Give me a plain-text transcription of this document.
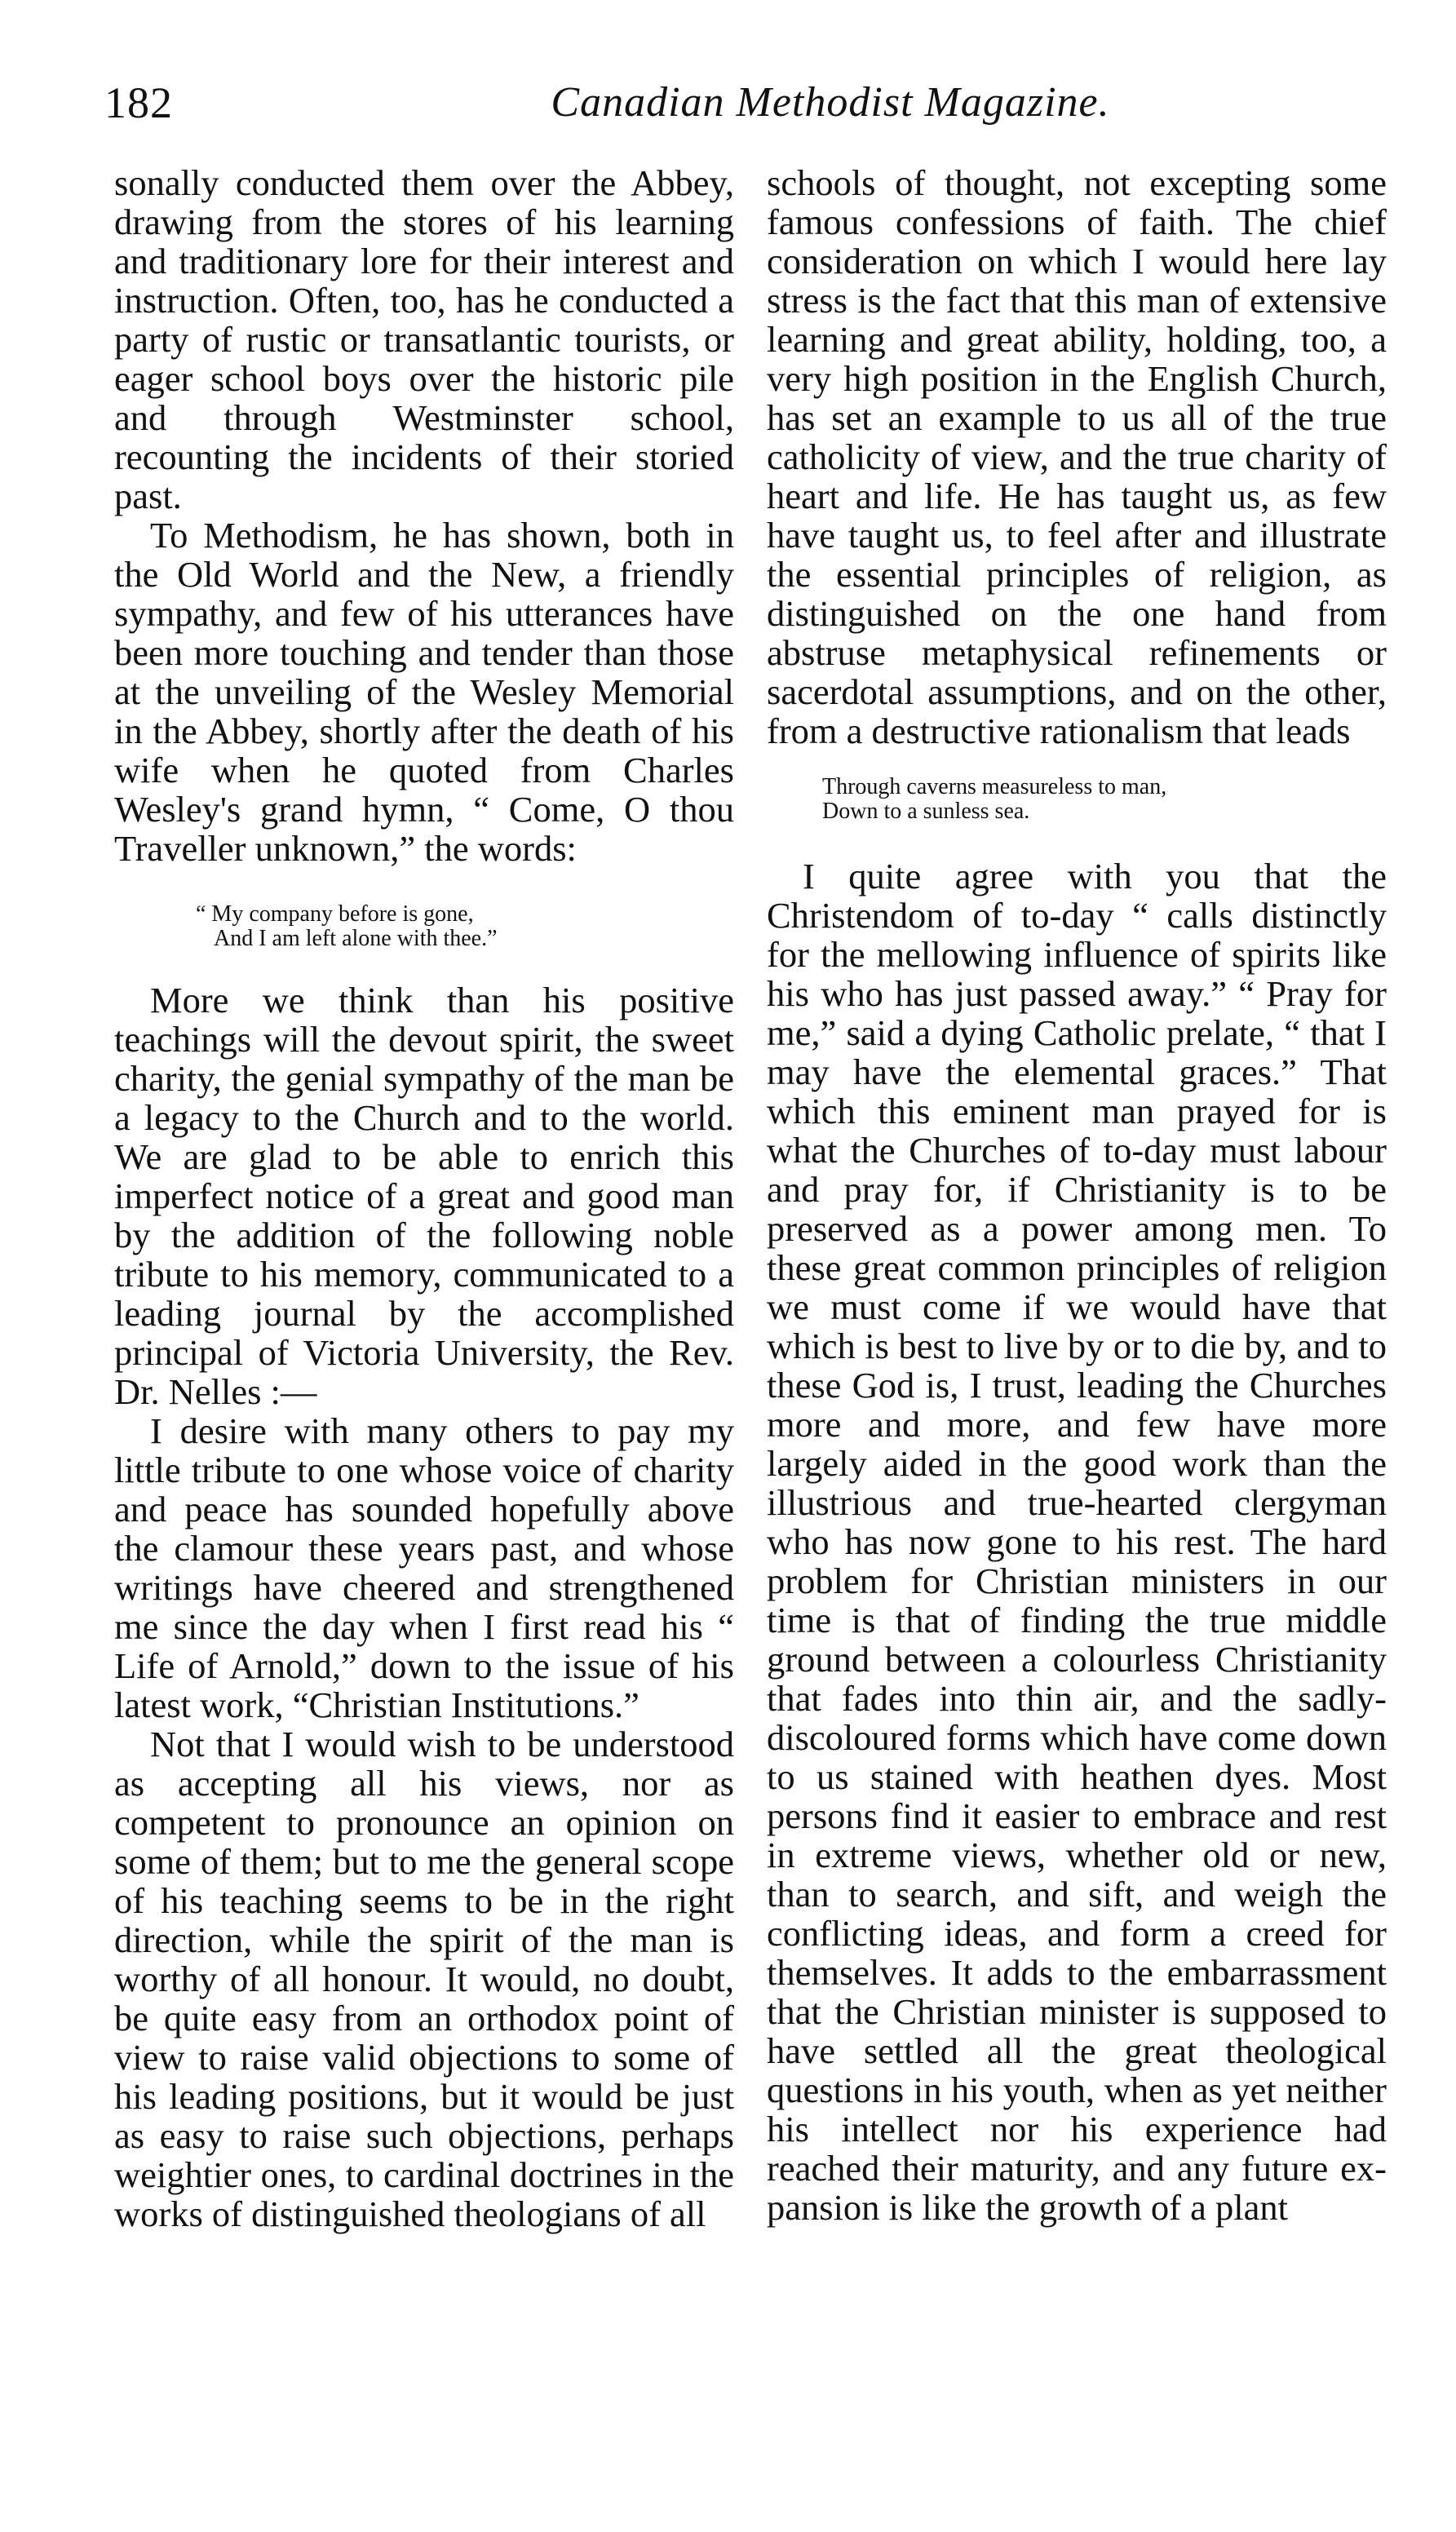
182	Canadian Methodist Magazine.

sonally conducted them over the Abbey, drawing from the stores of his learning and traditionary lore for their interest and instruction. Often, too, has he conducted a party of rustic or transatlantic tourists, or eager school boys over the historic pile and through Westminster school, recounting the incidents of their storied past.

To Methodism, he has shown, both in the Old World and the New, a friendly sympathy, and few of his utterances have been more touching and tender than those at the unveiling of the Wesley Memorial in the Abbey, shortly after the death of his wife when he quoted from Charles Wesley's grand hymn, “ Come, O thou Traveller unknown,” the words:

“ My company before is gone,
And I am left alone with thee.”

More we think than his positive teachings will the devout spirit, the sweet charity, the genial sympathy of the man be a legacy to the Church and to the world. We are glad to be able to enrich this imperfect notice of a great and good man by the addition of the following noble tribute to his memory, communicated to a leading journal by the accomplished principal of Victoria University, the Rev. Dr. Nelles :—

I desire with many others to pay my little tribute to one whose voice of charity and peace has sounded hopefully above the clamour these years past, and whose writings have cheered and strengthened me since the day when I first read his “ Life of Arnold,” down to the issue of his latest work, “Christian Institutions.”

Not that I would wish to be understood as accepting all his views, nor as competent to pronounce an opinion on some of them; but to me the general scope of his teaching seems to be in the right direction, while the spirit of the man is worthy of all honour. It would, no doubt, be quite easy from an orthodox point of view to raise valid objections to some of his leading positions, but it would be just as easy to raise such objections, perhaps weightier ones, to cardinal doctrines in the works of distinguished theologians of all

schools of thought, not excepting some famous confessions of faith. The chief consideration on which I would here lay stress is the fact that this man of extensive learning and great ability, holding, too, a very high position in the English Church, has set an example to us all of the true catholicity of view, and the true charity of heart and life. He has taught us, as few have taught us, to feel after and illustrate the essential principles of religion, as distinguished on the one hand from abstruse metaphysical refinements or sacerdotal assumptions, and on the other, from a destructive rationalism that leads

Through caverns measureless to man,
Down to a sunless sea.

I quite agree with you that the Christendom of to-day “ calls distinctly for the mellowing influence of spirits like his who has just passed away.” “ Pray for me,” said a dying Catholic prelate, “ that I may have the elemental graces.” That which this eminent man prayed for is what the Churches of to-day must labour and pray for, if Christianity is to be preserved as a power among men. To these great common principles of religion we must come if we would have that which is best to live by or to die by, and to these God is, I trust, leading the Churches more and more, and few have more largely aided in the good work than the illustrious and true-hearted clergyman who has now gone to his rest. The hard problem for Christian ministers in our time is that of finding the true middle ground between a colourless Christianity that fades into thin air, and the sadly-discoloured forms which have come down to us stained with heathen dyes. Most persons find it easier to embrace and rest in extreme views, whether old or new, than to search, and sift, and weigh the conflicting ideas, and form a creed for themselves. It adds to the embarrassment that the Christian minister is supposed to have settled all the great theological questions in his youth, when as yet neither his intellect nor his experience had reached their maturity, and any future expansion is like the growth of a plant
